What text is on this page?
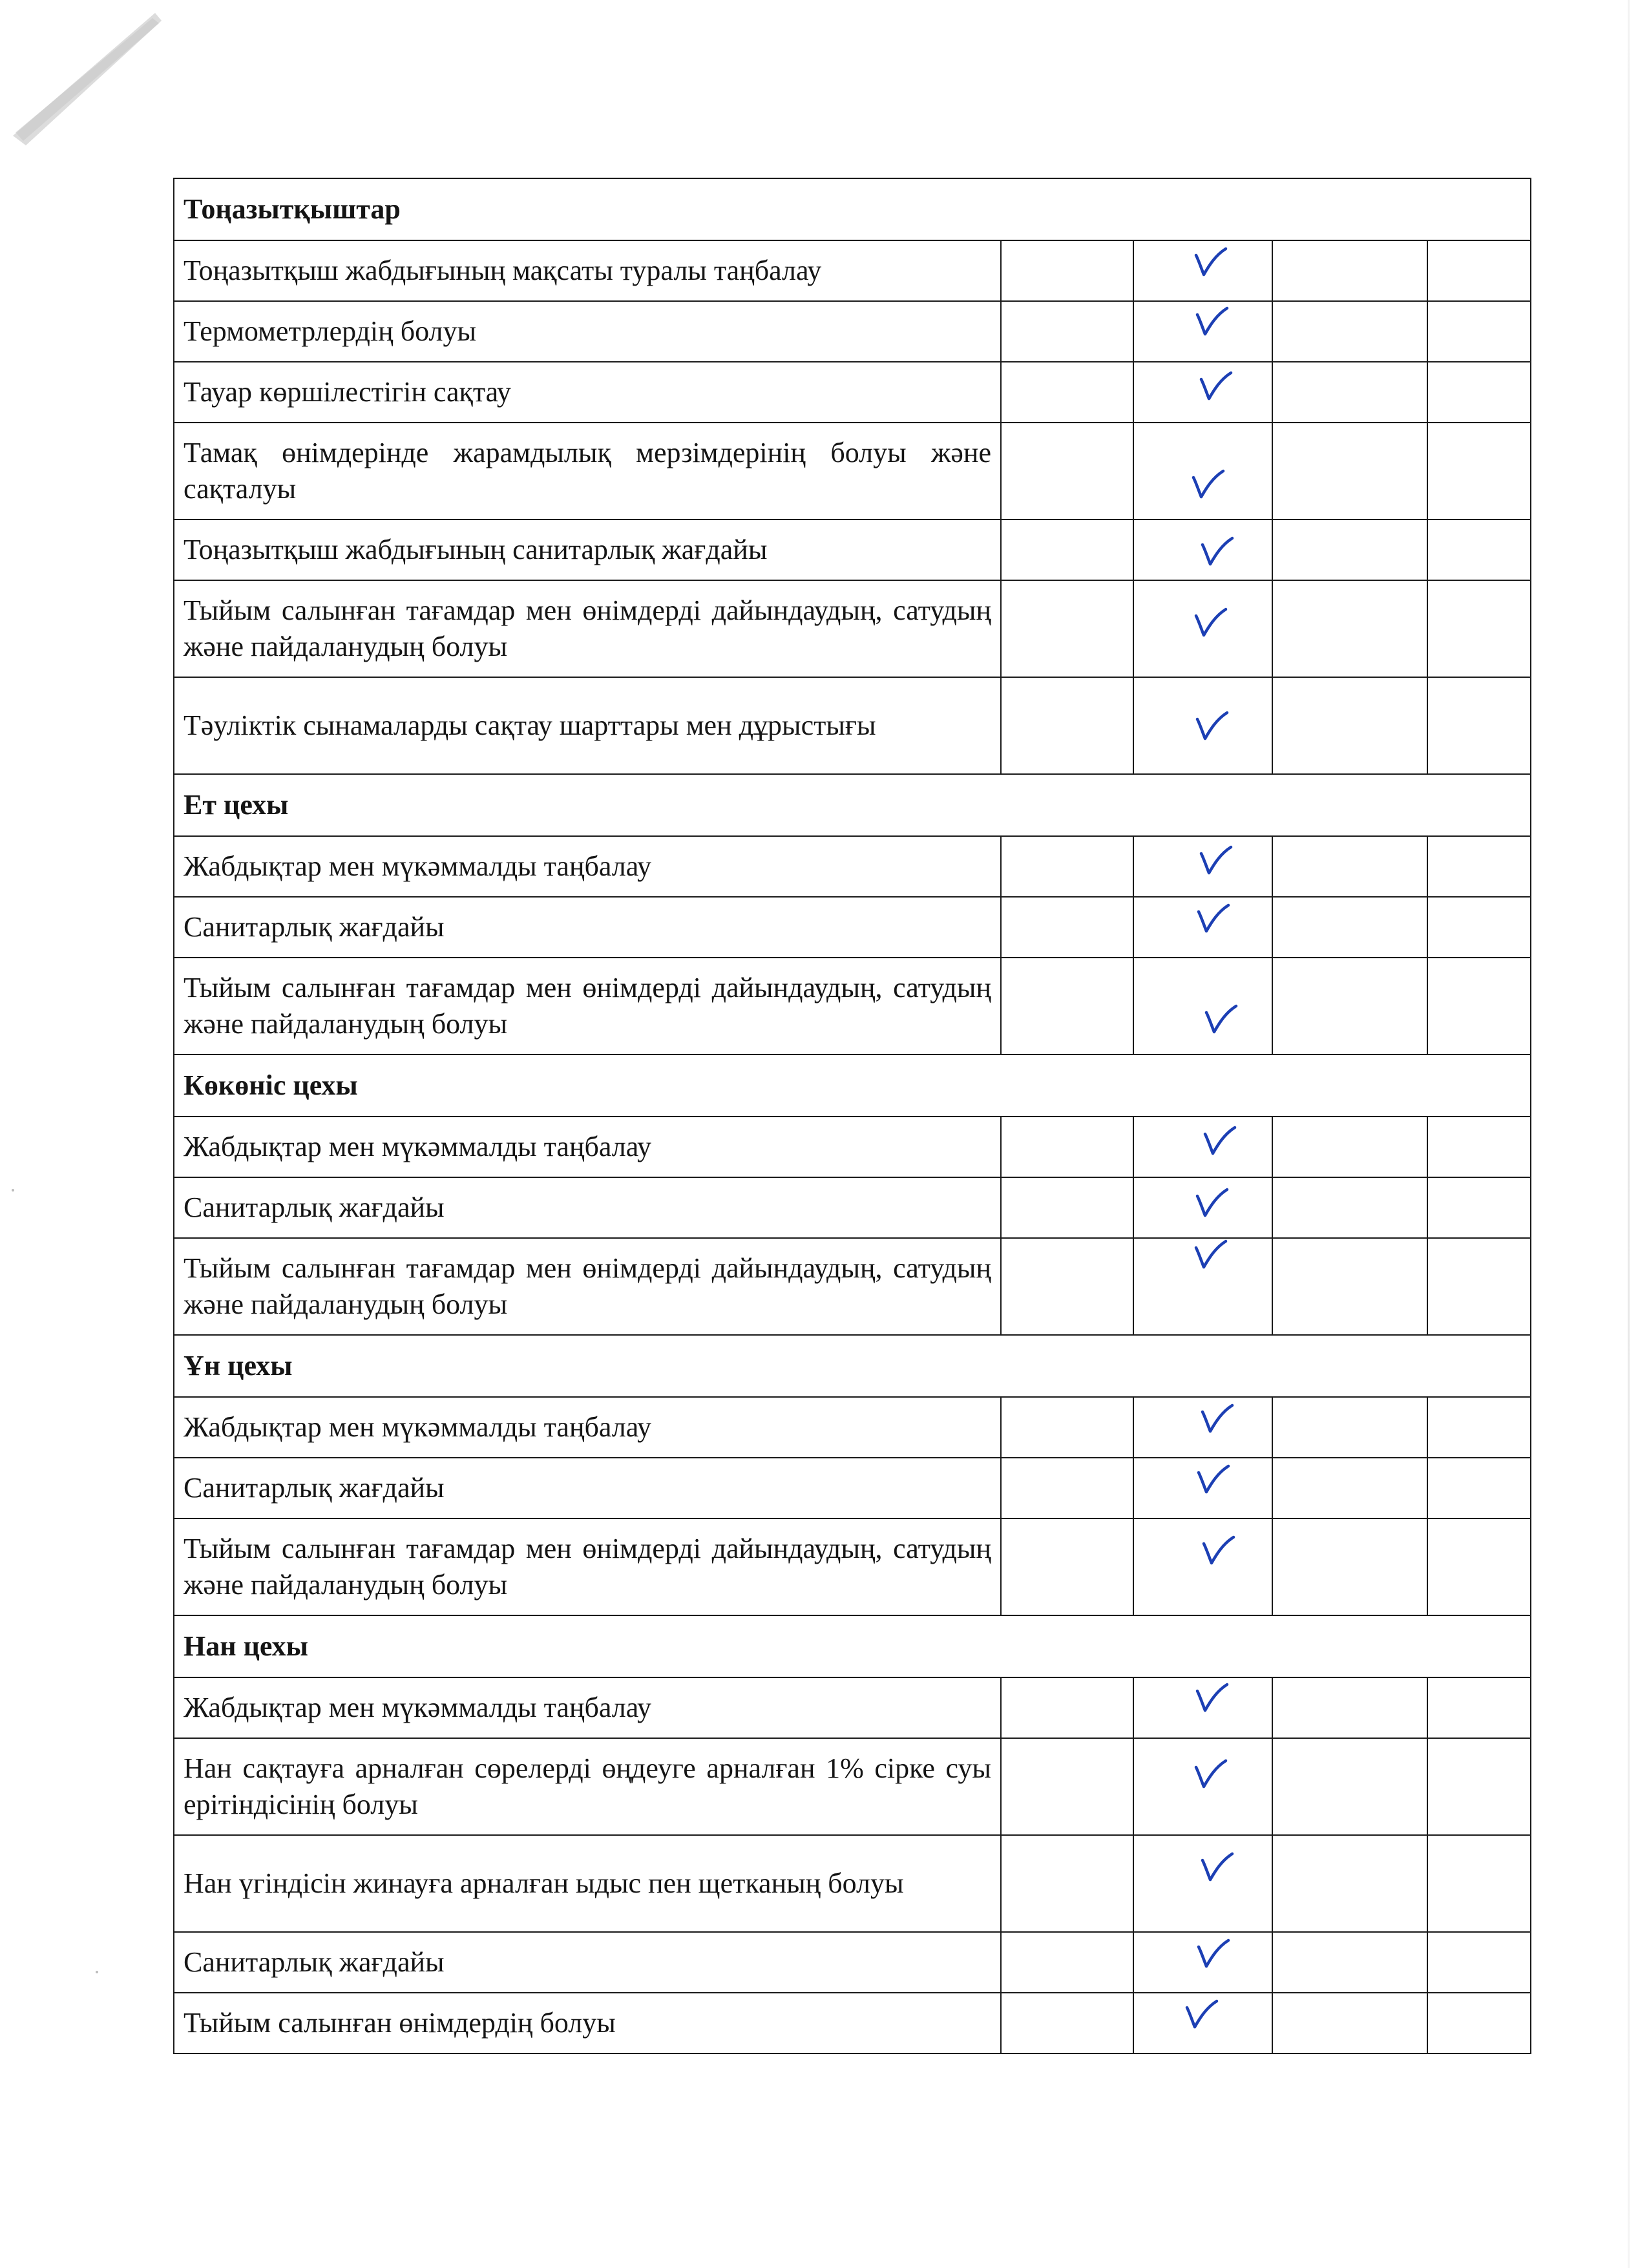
Тоңазытқыштар				
Тоңазытқыш жабдығының мақсаты туралы таңбалау		

Термометрлердің болуы		

Тауар көршілестігін сақтау		

Тамақ өнімдерінде жарамдылық мерзімдерінің болуы және сақталуы		

Тоңазытқыш жабдығының санитарлық жағдайы		

Тыйым салынған тағамдар мен өнімдерді дайындаудың, сатудың және пайдаланудың болуы		

Тәуліктік сынамаларды сақтау шарттары мен дұрыстығы		

Ет цехы				
Жабдықтар мен мүкәммалды таңбалау		

Санитарлық жағдайы		

Тыйым салынған тағамдар мен өнімдерді дайындаудың, сатудың және пайдаланудың болуы		

Көкөніс цехы				
Жабдықтар мен мүкәммалды таңбалау		

Санитарлық жағдайы		

Тыйым салынған тағамдар мен өнімдерді дайындаудың, сатудың және пайдаланудың болуы		

Ұн цехы				
Жабдықтар мен мүкәммалды таңбалау		

Санитарлық жағдайы		

Тыйым салынған тағамдар мен өнімдерді дайындаудың, сатудың және пайдаланудың болуы		

Нан цехы				
Жабдықтар мен мүкәммалды таңбалау		

Нан сақтауға арналған сөрелерді өңдеуге арналған 1% сірке суы ерітіндісінің болуы		

Нан үгіндісін жинауға арналған ыдыс пен щетканың болуы		

Санитарлық жағдайы		

Тыйым салынған өнімдердің болуы		
